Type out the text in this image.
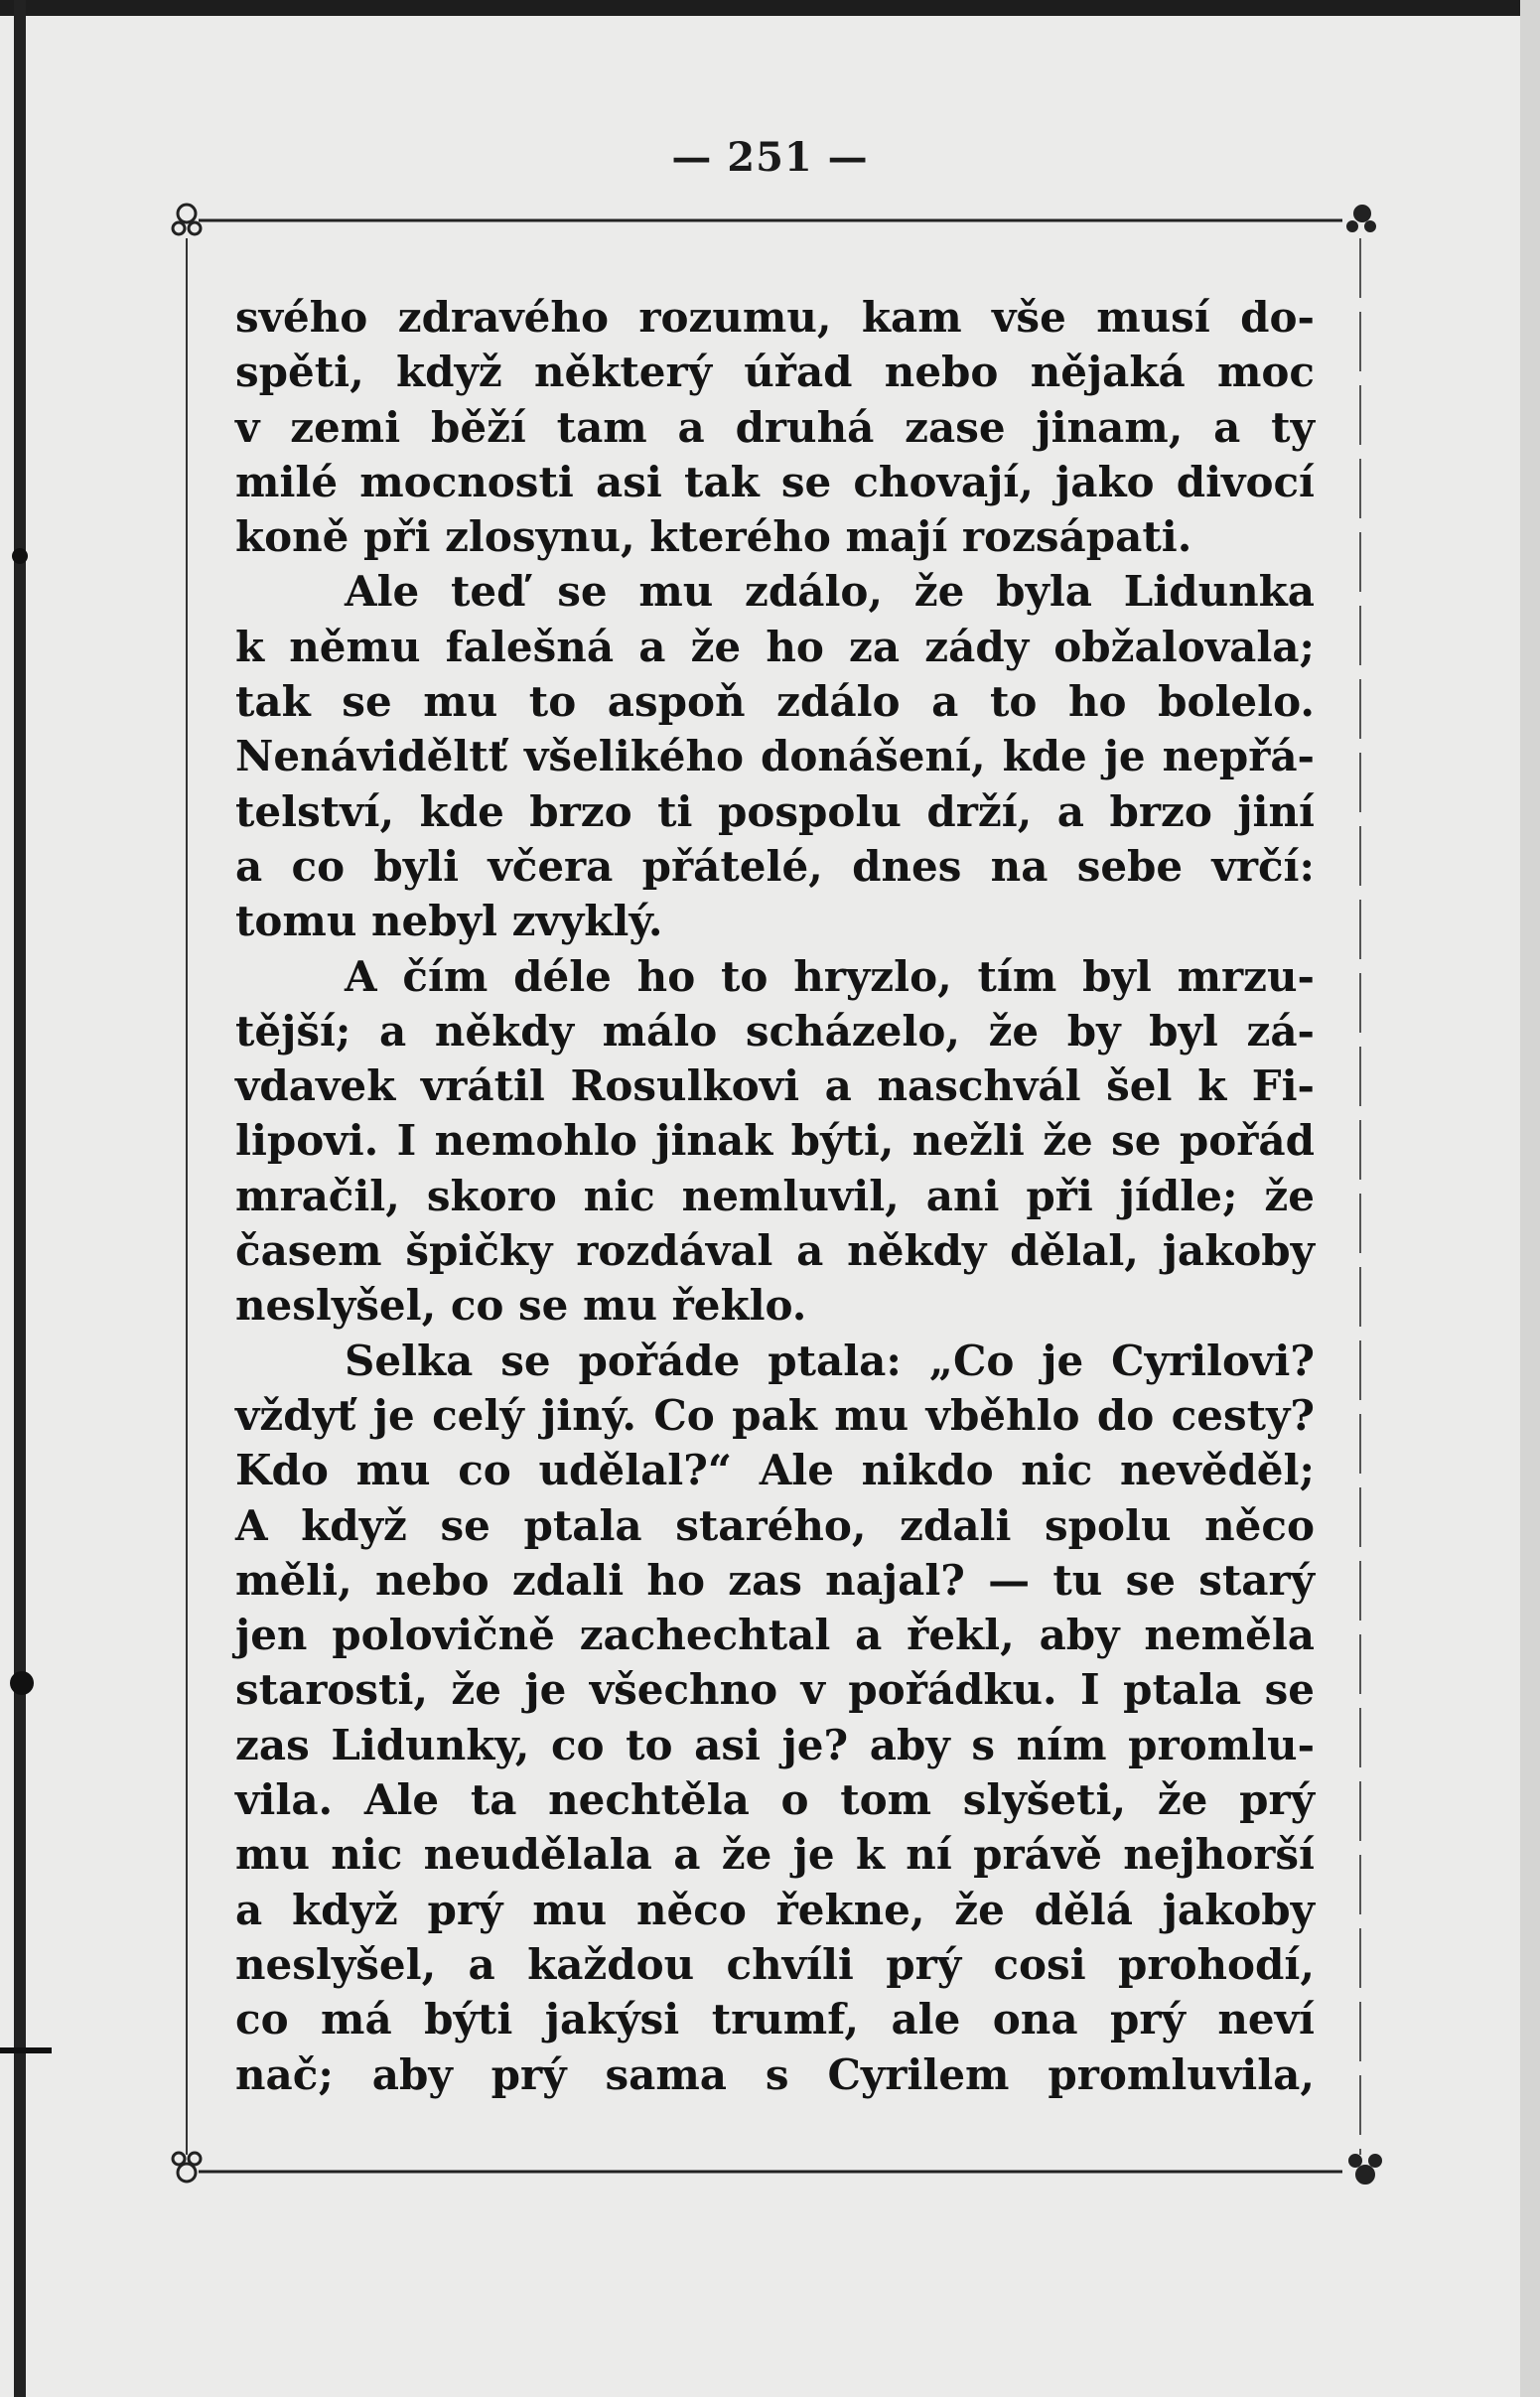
— 251 —
svého zdravého rozumu, kam vše musí do-
spěti, když některý úřad nebo nějaká moc
v zemi běží tam a druhá zase jinam, a ty
milé mocnosti asi tak se chovají, jako divocí
koně při zlosynu, kterého mají rozsápati.
Ale teď se mu zdálo, že byla Lidunka
k němu falešná a že ho za zády obžalovala;
tak se mu to aspoň zdálo a to ho bolelo.
Nenáviděltť všelikého donášení, kde je nepřá-
telství, kde brzo ti pospolu drží, a brzo jiní
a co byli včera přátelé, dnes na sebe vrčí:
tomu nebyl zvyklý.
A čím déle ho to hryzlo, tím byl mrzu-
tější; a někdy málo scházelo, že by byl zá-
vdavek vrátil Rosulkovi a naschvál šel k Fi-
lipovi. I nemohlo jinak býti, nežli že se pořád
mračil, skoro nic nemluvil, ani při jídle; že
časem špičky rozdával a někdy dělal, jakoby
neslyšel, co se mu řeklo.
Selka se pořáde ptala: „Co je Cyrilovi?
vždyť je celý jiný. Co pak mu vběhlo do cesty?
Kdo mu co udělal?“ Ale nikdo nic nevěděl;
A když se ptala starého, zdali spolu něco
měli, nebo zdali ho zas najal? — tu se starý
jen polovičně zachechtal a řekl, aby neměla
starosti, že je všechno v pořádku. I ptala se
zas Lidunky, co to asi je? aby s ním promlu-
vila. Ale ta nechtěla o tom slyšeti, že prý
mu nic neudělala a že je k ní právě nejhorší
a když prý mu něco řekne, že dělá jakoby
neslyšel, a každou chvíli prý cosi prohodí,
co má býti jakýsi trumf, ale ona prý neví
nač; aby prý sama s Cyrilem promluvila,
